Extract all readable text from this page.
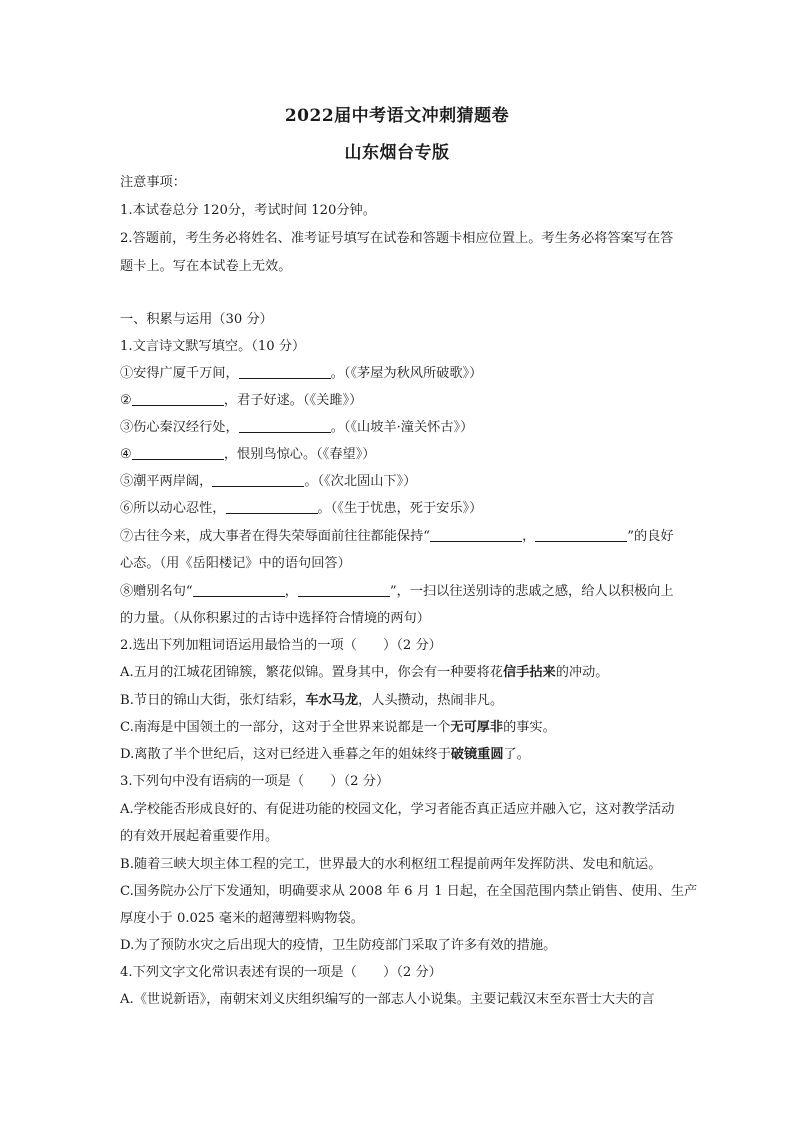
2022届中考语文冲刺猜题卷
山东烟台专版
注意事项：
1.本试卷总分 120分，考试时间 120分钟。
2.答题前，考生务必将姓名、准考证号填写在试卷和答题卡相应位置上。考生务必将答案写在答
题卡上。写在本试卷上无效。
一、积累与运用（30 分）
1.文言诗文默写填空。（10 分）
①安得广厦千万间，	。（《茅屋为秋风所破歌》）
②	，君子好逑。（《关雎》）
③伤心秦汉经行处，	。（《山坡羊·潼关怀古》）
④	，恨别鸟惊心。（《春望》）
⑤潮平两岸阔，	。（《次北固山下》）
⑥所以动心忍性，	。（《生于忧患，死于安乐》）
⑦古往今来，成大事者在得失荣辱面前往往都能保持“	，	”的良好
心态。（用《岳阳楼记》中的语句回答）
⑧赠别名句“	，	”，一扫以往送别诗的悲戚之感，给人以积极向上
的力量。（从你积累过的古诗中选择符合情境的两句）
2.选出下列加粗词语运用最恰当的一项（　　）（2 分）
A.五月的江城花团锦簇，繁花似锦。置身其中，你会有一种要将花信手拈来的冲动。
B.节日的锦山大街，张灯结彩，车水马龙，人头攒动，热闹非凡。
C.南海是中国领土的一部分，这对于全世界来说都是一个无可厚非的事实。
D.离散了半个世纪后，这对已经进入垂暮之年的姐妹终于破镜重圆了。
3.下列句中没有语病的一项是（　　）（2 分）
A.学校能否形成良好的、有促进功能的校园文化，学习者能否真正适应并融入它，这对教学活动
的有效开展起着重要作用。
B.随着三峡大坝主体工程的完工，世界最大的水利枢纽工程提前两年发挥防洪、发电和航运。
C.国务院办公厅下发通知，明确要求从 2008 年 6 月 1 日起，在全国范围内禁止销售、使用、生产
厚度小于 0.025 毫米的超薄塑料购物袋。
D.为了预防水灾之后出现大的疫情，卫生防疫部门采取了许多有效的措施。
4.下列文字文化常识表述有误的一项是（　　）（2 分）
A.《世说新语》，南朝宋刘义庆组织编写的一部志人小说集。主要记载汉末至东晋士大夫的言
